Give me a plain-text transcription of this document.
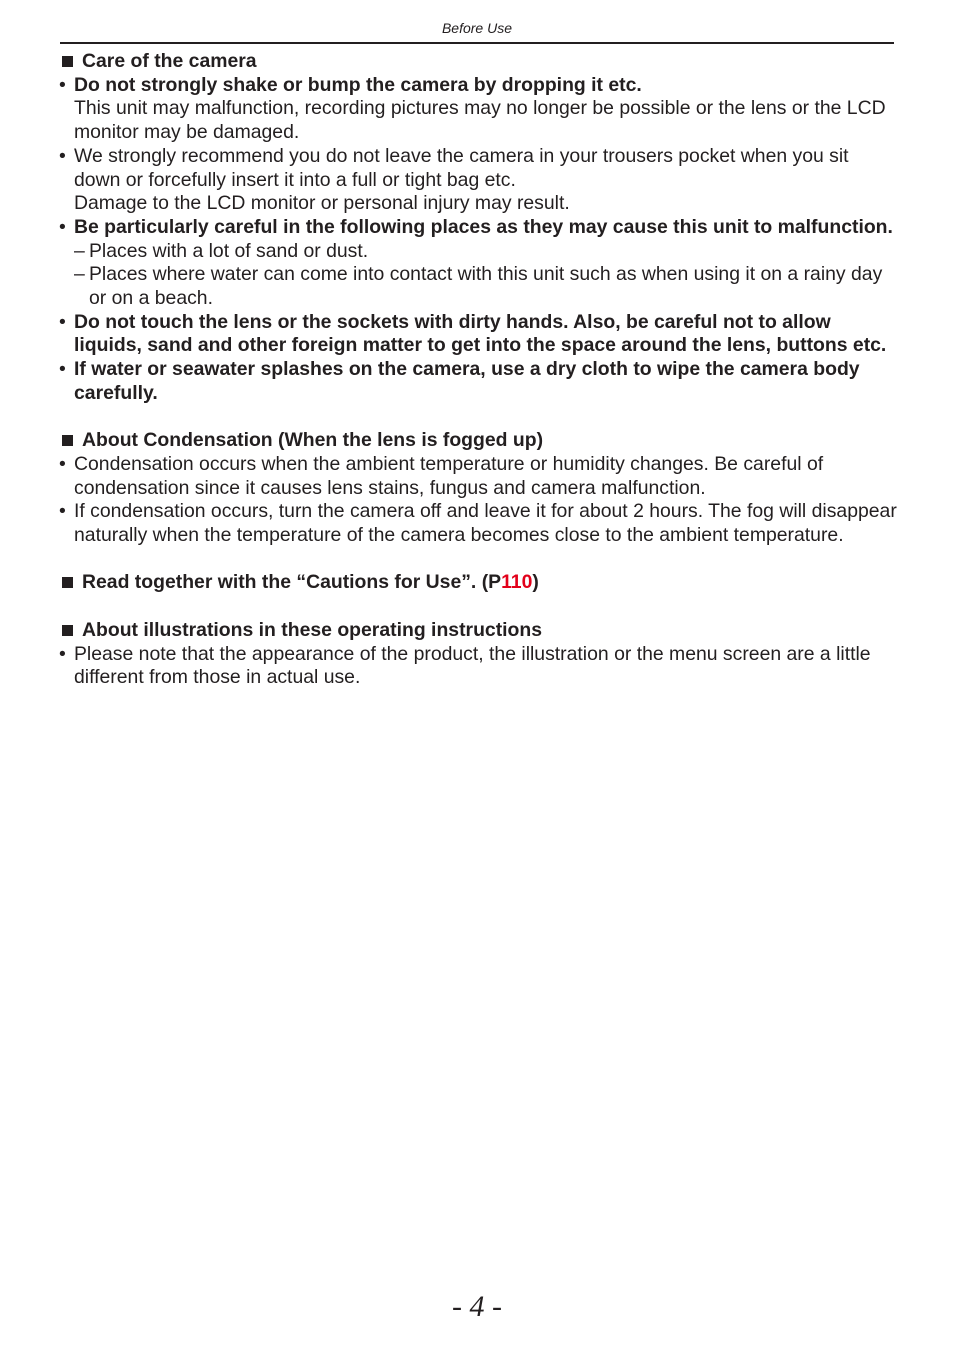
Before Use
Care of the camera
• Do not strongly shake or bump the camera by dropping it etc.
This unit may malfunction, recording pictures may no longer be possible or the lens or the LCD monitor may be damaged.
• We strongly recommend you do not leave the camera in your trousers pocket when you sit down or forcefully insert it into a full or tight bag etc.
Damage to the LCD monitor or personal injury may result.
• Be particularly careful in the following places as they may cause this unit to malfunction.
– Places with a lot of sand or dust.
– Places where water can come into contact with this unit such as when using it on a rainy day or on a beach.
• Do not touch the lens or the sockets with dirty hands. Also, be careful not to allow liquids, sand and other foreign matter to get into the space around the lens, buttons etc.
• If water or seawater splashes on the camera, use a dry cloth to wipe the camera body carefully.
About Condensation (When the lens is fogged up)
• Condensation occurs when the ambient temperature or humidity changes. Be careful of condensation since it causes lens stains, fungus and camera malfunction.
• If condensation occurs, turn the camera off and leave it for about 2 hours. The fog will disappear naturally when the temperature of the camera becomes close to the ambient temperature.
Read together with the “Cautions for Use”. (P110)
About illustrations in these operating instructions
• Please note that the appearance of the product, the illustration or the menu screen are a little different from those in actual use.
- 4 -
